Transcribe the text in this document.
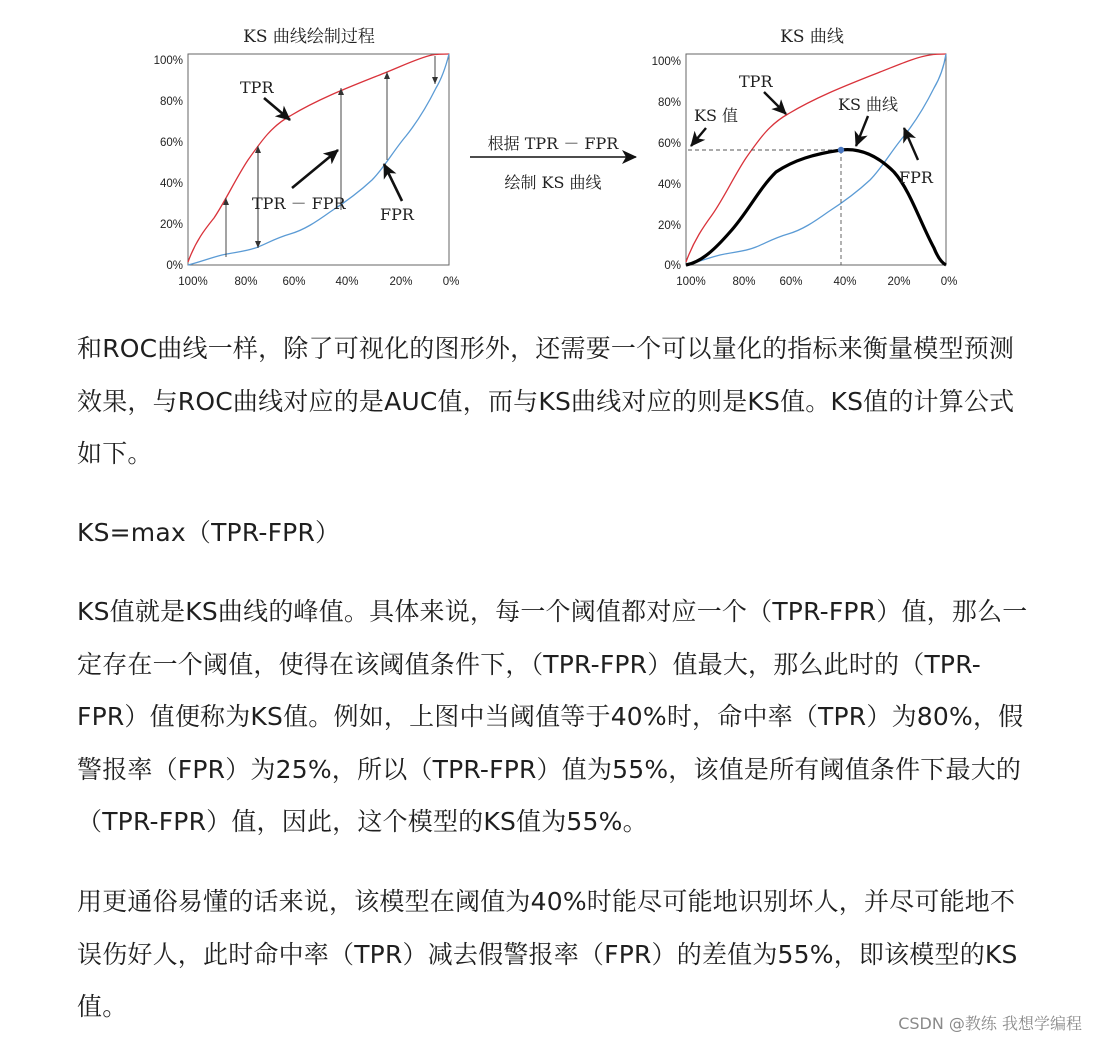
KS 曲线绘制过程
100%
80%
60%
40%
20%
0%
100% 80% 60%	40%	20%	0%
TPR
TPR － FPR
FPR
根据 TPR － FPR
绘制 KS 曲线
KS 曲线
100%
80%
60%
40%
20%
0%
100% 80% 60%	40%	20%	0%
KS 值
TPR
KS 曲线
FPR

和ROC曲线一样，除了可视化的图形外，还需要一个可以量化的指标来衡量模型预测效果，与ROC曲线对应的是AUC值，而与KS曲线对应的则是KS值。KS值的计算公式如下。

KS=max（TPR-FPR）

KS值就是KS曲线的峰值。具体来说，每一个阈值都对应一个（TPR-FPR）值，那么一定存在一个阈值，使得在该阈值条件下，（TPR-FPR）值最大，那么此时的（TPR-FPR）值便称为KS值。例如，上图中当阈值等于40%时，命中率（TPR）为80%，假警报率（FPR）为25%，所以（TPR-FPR）值为55%，该值是所有阈值条件下最大的（TPR-FPR）值，因此，这个模型的KS值为55%。

用更通俗易懂的话来说，该模型在阈值为40%时能尽可能地识别坏人，并尽可能地不误伤好人，此时命中率（TPR）减去假警报率（FPR）的差值为55%，即该模型的KS值。

CSDN @教练 我想学编程
